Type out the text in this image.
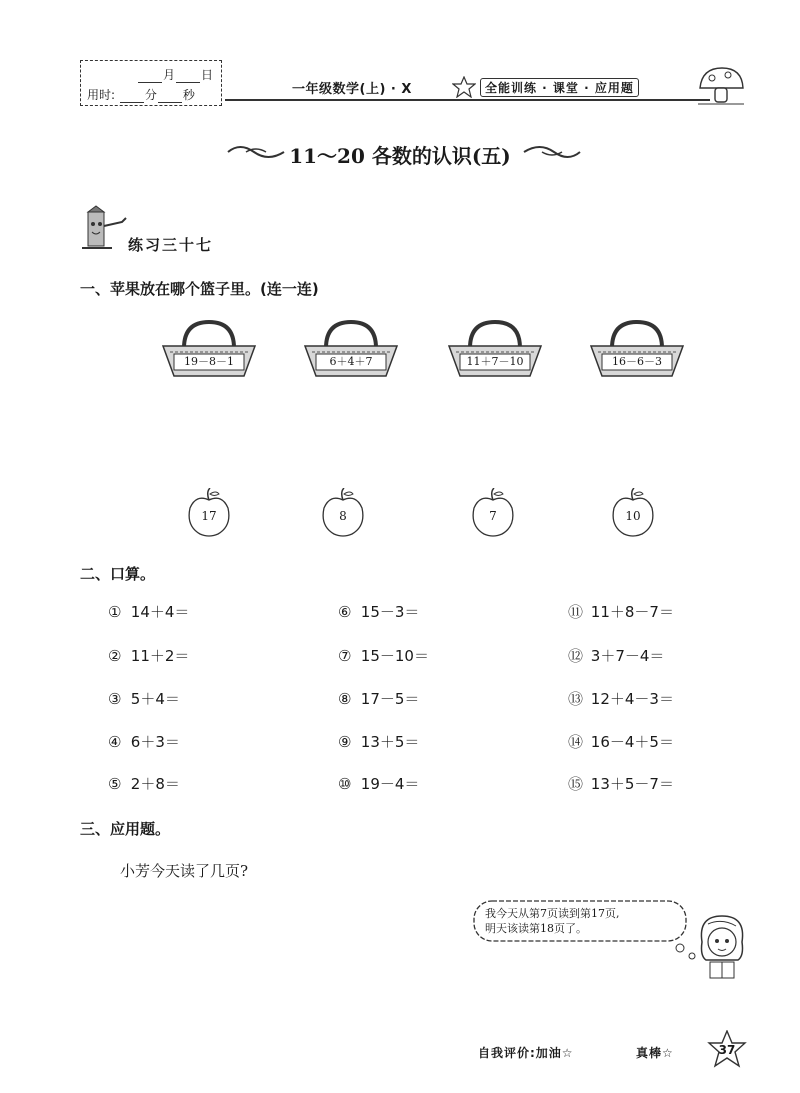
月 日
用时: 分 秒	一年级数学(上) · X	全能训练 · 课堂 · 应用题
11～20 各数的认识(五)
练习三十七
一、苹果放在哪个篮子里。(连一连)
19－8－1	6＋4＋7	11＋7－10	16－6－3
17	8	7	10
二、口算。
① 14＋4＝
② 11＋2＝
③ 5＋4＝
④ 6＋3＝
⑤ 2＋8＝
⑥ 15－3＝
⑦ 15－10＝
⑧ 17－5＝
⑨ 13＋5＝
⑩ 19－4＝
⑪ 11＋8－7＝
⑫ 3＋7－4＝
⑬ 12＋4－3＝
⑭ 16－4＋5＝
⑮ 13＋5－7＝
三、应用题。
小芳今天读了几页?
我今天从第7页读到第17页,
明天该读第18页了。
自我评价:加油☆	真棒☆	37
